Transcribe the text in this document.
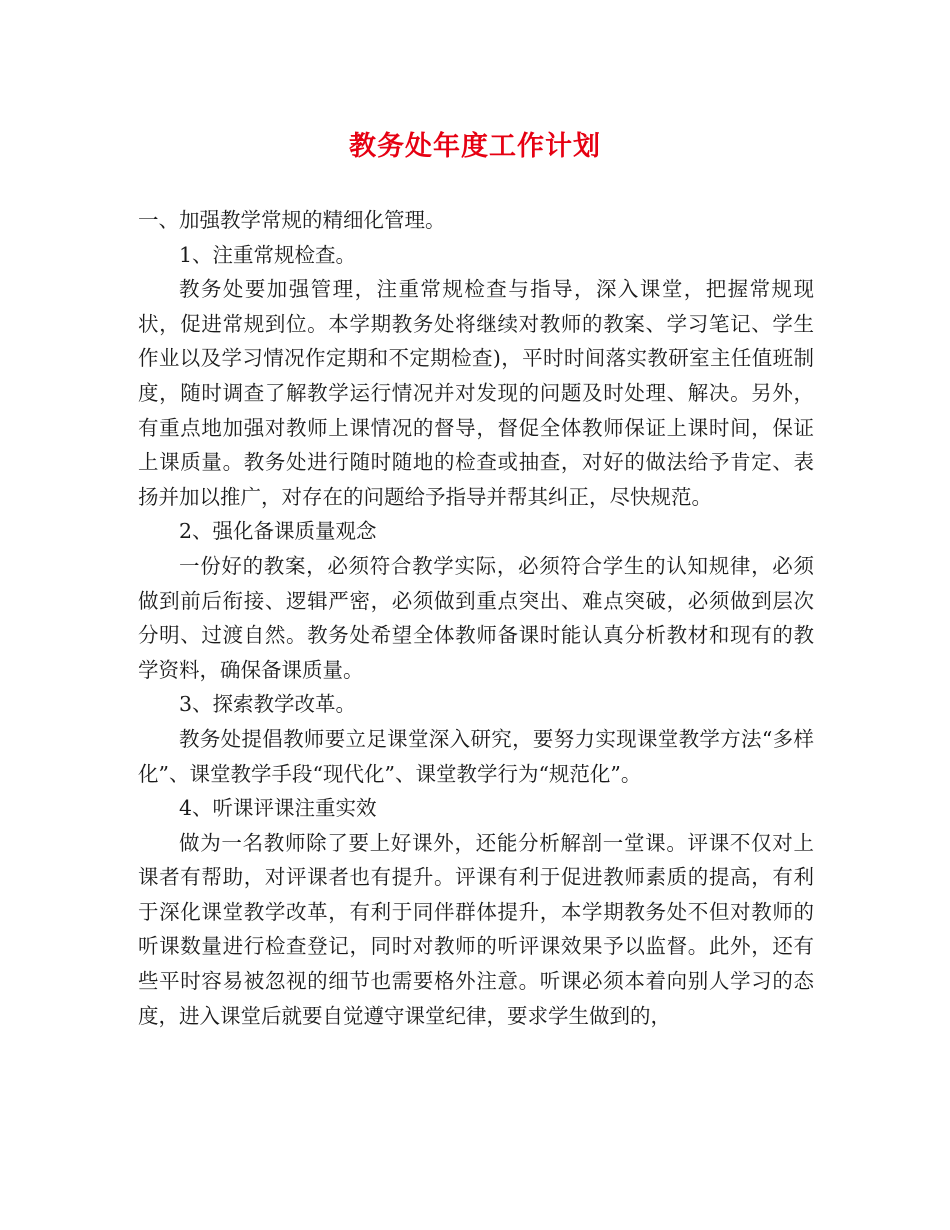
教务处年度工作计划

一、加强教学常规的精细化管理。

1、注重常规检查。

教务处要加强管理，注重常规检查与指导，深入课堂，把握常规现状，促进常规到位。本学期教务处将继续对教师的教案、学习笔记、学生作业以及学习情况作定期和不定期检查)，平时时间落实教研室主任值班制度，随时调查了解教学运行情况并对发现的问题及时处理、解决。另外，有重点地加强对教师上课情况的督导，督促全体教师保证上课时间，保证上课质量。教务处进行随时随地的检查或抽查，对好的做法给予肯定、表扬并加以推广，对存在的问题给予指导并帮其纠正，尽快规范。

2、强化备课质量观念

一份好的教案，必须符合教学实际，必须符合学生的认知规律，必须做到前后衔接、逻辑严密，必须做到重点突出、难点突破，必须做到层次分明、过渡自然。教务处希望全体教师备课时能认真分析教材和现有的教学资料，确保备课质量。

3、探索教学改革。

教务处提倡教师要立足课堂深入研究，要努力实现课堂教学方法“多样化”、课堂教学手段“现代化”、课堂教学行为“规范化”。

4、听课评课注重实效

做为一名教师除了要上好课外，还能分析解剖一堂课。评课不仅对上课者有帮助，对评课者也有提升。评课有利于促进教师素质的提高，有利于深化课堂教学改革，有利于同伴群体提升，本学期教务处不但对教师的听课数量进行检查登记，同时对教师的听评课效果予以监督。此外，还有些平时容易被忽视的细节也需要格外注意。听课必须本着向别人学习的态度，进入课堂后就要自觉遵守课堂纪律，要求学生做到的，
